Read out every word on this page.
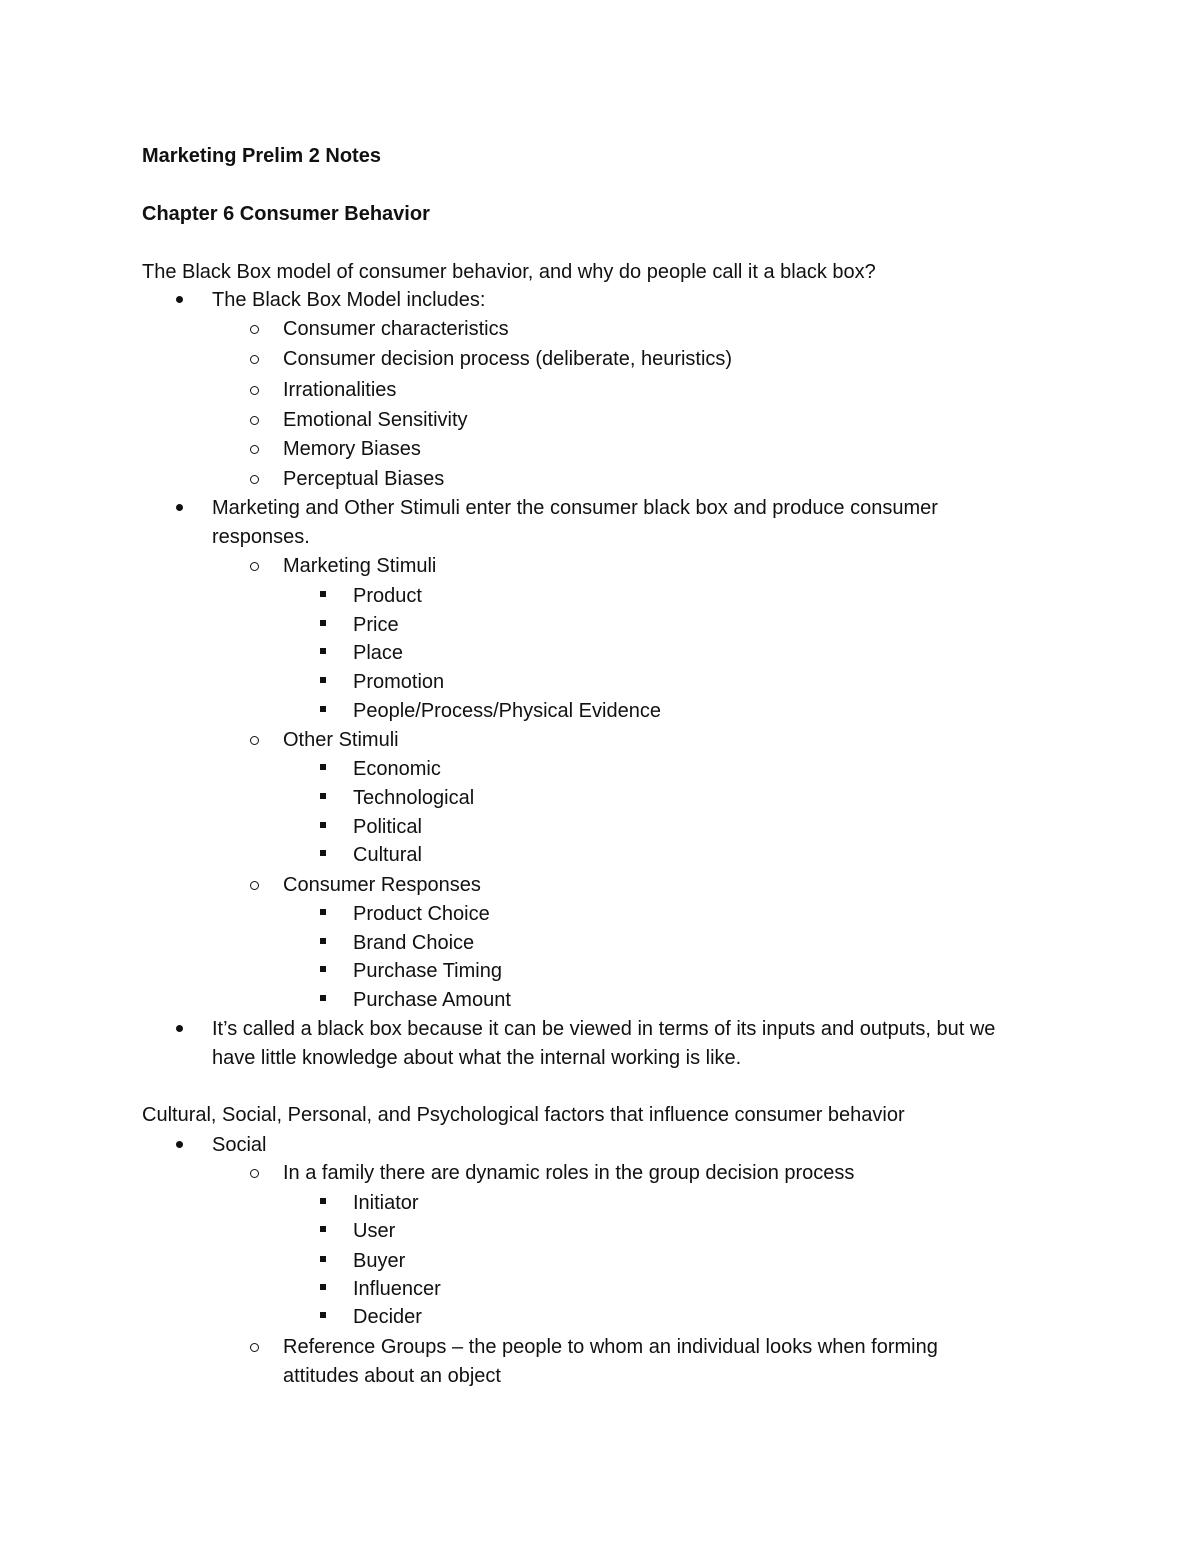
Marketing Prelim 2 Notes
Chapter 6 Consumer Behavior
The Black Box model of consumer behavior, and why do people call it a black box?
The Black Box Model includes:
Consumer characteristics
Consumer decision process (deliberate, heuristics)
Irrationalities
Emotional Sensitivity
Memory Biases
Perceptual Biases
Marketing and Other Stimuli enter the consumer black box and produce consumer
responses.
Marketing Stimuli
Product
Price
Place
Promotion
People/Process/Physical Evidence
Other Stimuli
Economic
Technological
Political
Cultural
Consumer Responses
Product Choice
Brand Choice
Purchase Timing
Purchase Amount
It’s called a black box because it can be viewed in terms of its inputs and outputs, but we
have little knowledge about what the internal working is like.
Cultural, Social, Personal, and Psychological factors that influence consumer behavior
Social
In a family there are dynamic roles in the group decision process
Initiator
User
Buyer
Influencer
Decider
Reference Groups – the people to whom an individual looks when forming
attitudes about an object
